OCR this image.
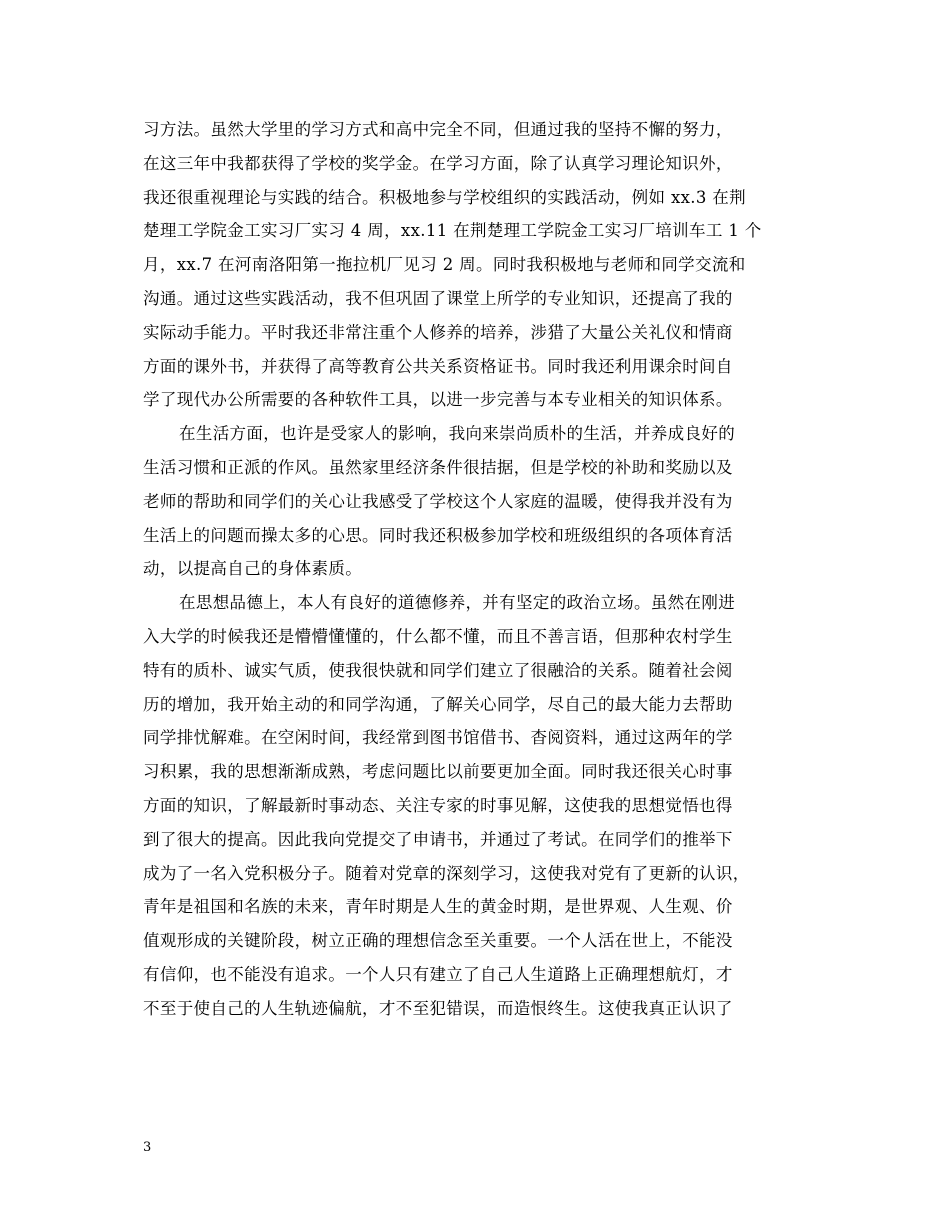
习方法。虽然大学里的学习方式和高中完全不同，但通过我的坚持不懈的努力，
在这三年中我都获得了学校的奖学金。在学习方面，除了认真学习理论知识外，
我还很重视理论与实践的结合。积极地参与学校组织的实践活动，例如 xx.3 在荆
楚理工学院金工实习厂实习 4 周，xx.11 在荆楚理工学院金工实习厂培训车工 1 个
月，xx.7 在河南洛阳第一拖拉机厂见习 2 周。同时我积极地与老师和同学交流和
沟通。通过这些实践活动，我不但巩固了课堂上所学的专业知识，还提高了我的
实际动手能力。平时我还非常注重个人修养的培养，涉猎了大量公关礼仪和情商
方面的课外书，并获得了高等教育公共关系资格证书。同时我还利用课余时间自
学了现代办公所需要的各种软件工具，以进一步完善与本专业相关的知识体系。
在生活方面，也许是受家人的影响，我向来崇尚质朴的生活，并养成良好的
生活习惯和正派的作风。虽然家里经济条件很拮据，但是学校的补助和奖励以及
老师的帮助和同学们的关心让我感受了学校这个人家庭的温暖，使得我并没有为
生活上的问题而操太多的心思。同时我还积极参加学校和班级组织的各项体育活
动，以提高自己的身体素质。
在思想品德上，本人有良好的道德修养，并有坚定的政治立场。虽然在刚进
入大学的时候我还是懵懵懂懂的，什么都不懂，而且不善言语，但那种农村学生
特有的质朴、诚实气质，使我很快就和同学们建立了很融洽的关系。随着社会阅
历的增加，我开始主动的和同学沟通，了解关心同学，尽自己的最大能力去帮助
同学排忧解难。在空闲时间，我经常到图书馆借书、杳阅资料，通过这两年的学
习积累，我的思想渐渐成熟，考虑问题比以前要更加全面。同时我还很关心时事
方面的知识，了解最新时事动态、关注专家的时事见解，这使我的思想觉悟也得
到了很大的提高。因此我向党提交了申请书，并通过了考试。在同学们的推举下
成为了一名入党积极分子。随着对党章的深刻学习，这使我对党有了更新的认识，
青年是祖国和名族的未来，青年时期是人生的黄金时期，是世界观、人生观、价
值观形成的关键阶段，树立正确的理想信念至关重要。一个人活在世上，不能没
有信仰，也不能没有追求。一个人只有建立了自己人生道路上正确理想航灯，才
不至于使自己的人生轨迹偏航，才不至犯错误，而造恨终生。这使我真正认识了
3
